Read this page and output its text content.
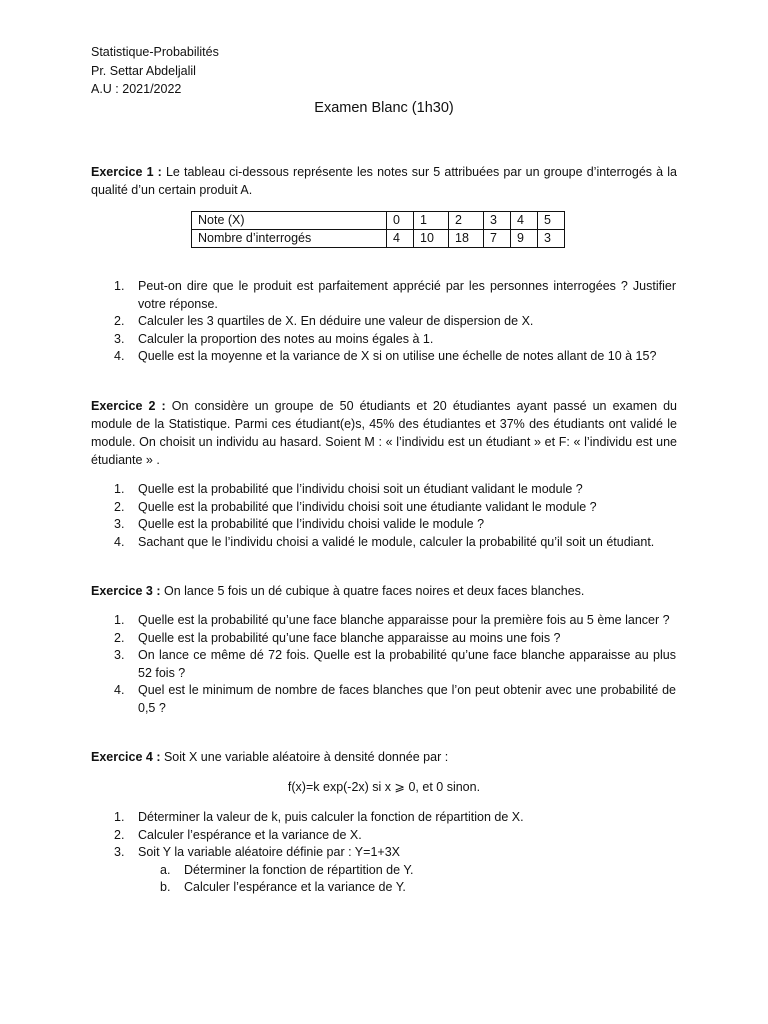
Statistique-Probabilités
Pr. Settar Abdeljalil
A.U : 2021/2022
Examen Blanc (1h30)
Exercice 1 : Le tableau ci-dessous représente les notes sur 5 attribuées par un groupe d’interrogés à la qualité d’un certain produit A.
Note (X)	0	1	2	3	4	5
Nombre d’interrogés	4	10	18	7	9	3
1. Peut-on dire que le produit est parfaitement apprécié par les personnes interrogées ? Justifier votre réponse.
2. Calculer les 3 quartiles de X. En déduire une valeur de dispersion de X.
3. Calculer la proportion des notes au moins égales à 1.
4. Quelle est la moyenne et la variance de X si on utilise une échelle de notes allant de 10 à 15?
Exercice 2 : On considère un groupe de 50 étudiants et 20 étudiantes ayant passé un examen du module de la Statistique. Parmi ces étudiant(e)s, 45% des étudiantes et 37% des étudiants ont validé le module. On choisit un individu au hasard. Soient M : « l’individu est un étudiant » et F: « l’individu est une étudiante » .
1. Quelle est la probabilité que l’individu choisi soit un étudiant validant le module ?
2. Quelle est la probabilité que l’individu choisi soit une étudiante validant le module ?
3. Quelle est la probabilité que l’individu choisi valide le module ?
4. Sachant que le l’individu choisi a validé le module, calculer la probabilité qu’il soit un étudiant.
Exercice 3 : On lance 5 fois un dé cubique à quatre faces noires et deux faces blanches.
1. Quelle est la probabilité qu’une face blanche apparaisse pour la première fois au 5 ème lancer ?
2. Quelle est la probabilité qu’une face blanche apparaisse au moins une fois ?
3. On lance ce même dé 72 fois. Quelle est la probabilité qu’une face blanche apparaisse au plus 52 fois ?
4. Quel est le minimum de nombre de faces blanches que l’on peut obtenir avec une probabilité de 0,5 ?
Exercice 4 : Soit X une variable aléatoire à densité donnée par :
f(x)=k exp(-2x) si x ⩾ 0, et 0 sinon.
1. Déterminer la valeur de k, puis calculer la fonction de répartition de X.
2. Calculer l’espérance et la variance de X.
3. Soit Y la variable aléatoire définie par : Y=1+3X
a. Déterminer la fonction de répartition de Y.
b. Calculer l’espérance et la variance de Y.
